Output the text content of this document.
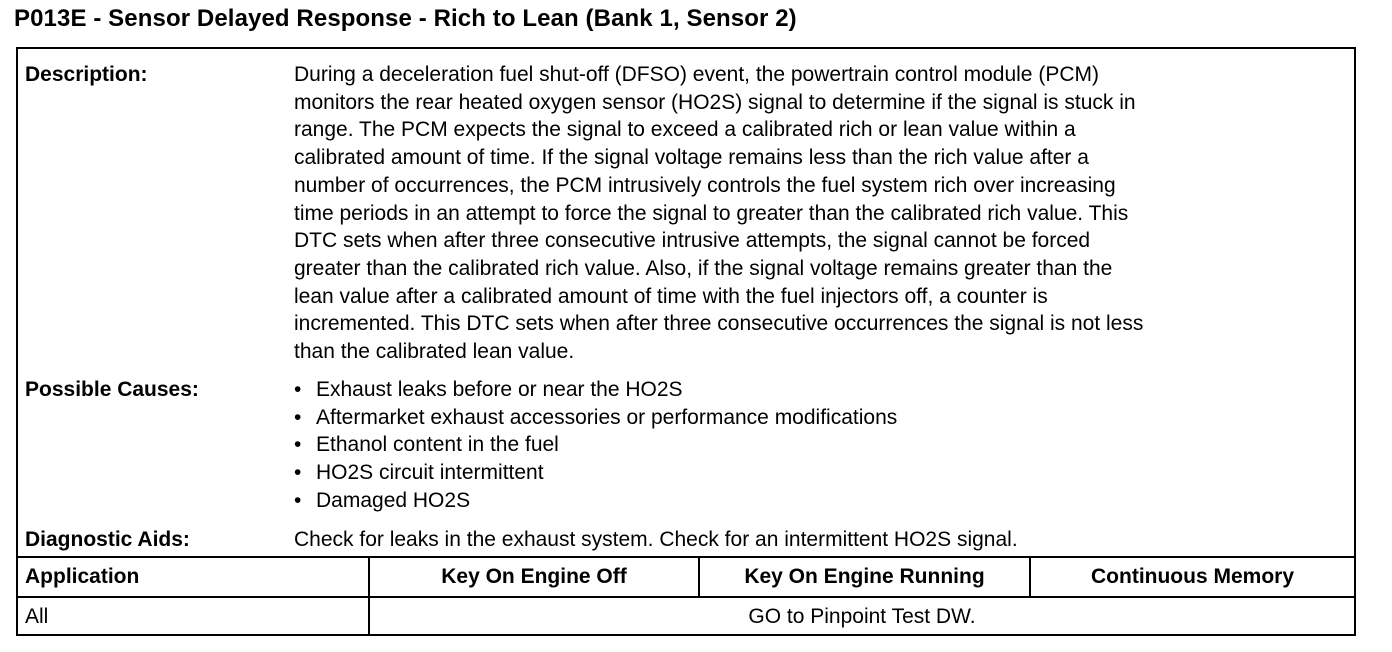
P013E - Sensor Delayed Response - Rich to Lean (Bank 1, Sensor 2)
Description:	During a deceleration fuel shut-off (DFSO) event, the powertrain control module (PCM)
monitors the rear heated oxygen sensor (HO2S) signal to determine if the signal is stuck in
range. The PCM expects the signal to exceed a calibrated rich or lean value within a
calibrated amount of time. If the signal voltage remains less than the rich value after a
number of occurrences, the PCM intrusively controls the fuel system rich over increasing
time periods in an attempt to force the signal to greater than the calibrated rich value. This
DTC sets when after three consecutive intrusive attempts, the signal cannot be forced
greater than the calibrated rich value. Also, if the signal voltage remains greater than the
lean value after a calibrated amount of time with the fuel injectors off, a counter is
incremented. This DTC sets when after three consecutive occurrences the signal is not less
than the calibrated lean value.
Possible Causes:	• Exhaust leaks before or near the HO2S
• Aftermarket exhaust accessories or performance modifications
• Ethanol content in the fuel
• HO2S circuit intermittent
• Damaged HO2S
Diagnostic Aids:	Check for leaks in the exhaust system. Check for an intermittent HO2S signal.
Application	Key On Engine Off	Key On Engine Running	Continuous Memory
All	GO to Pinpoint Test DW.
